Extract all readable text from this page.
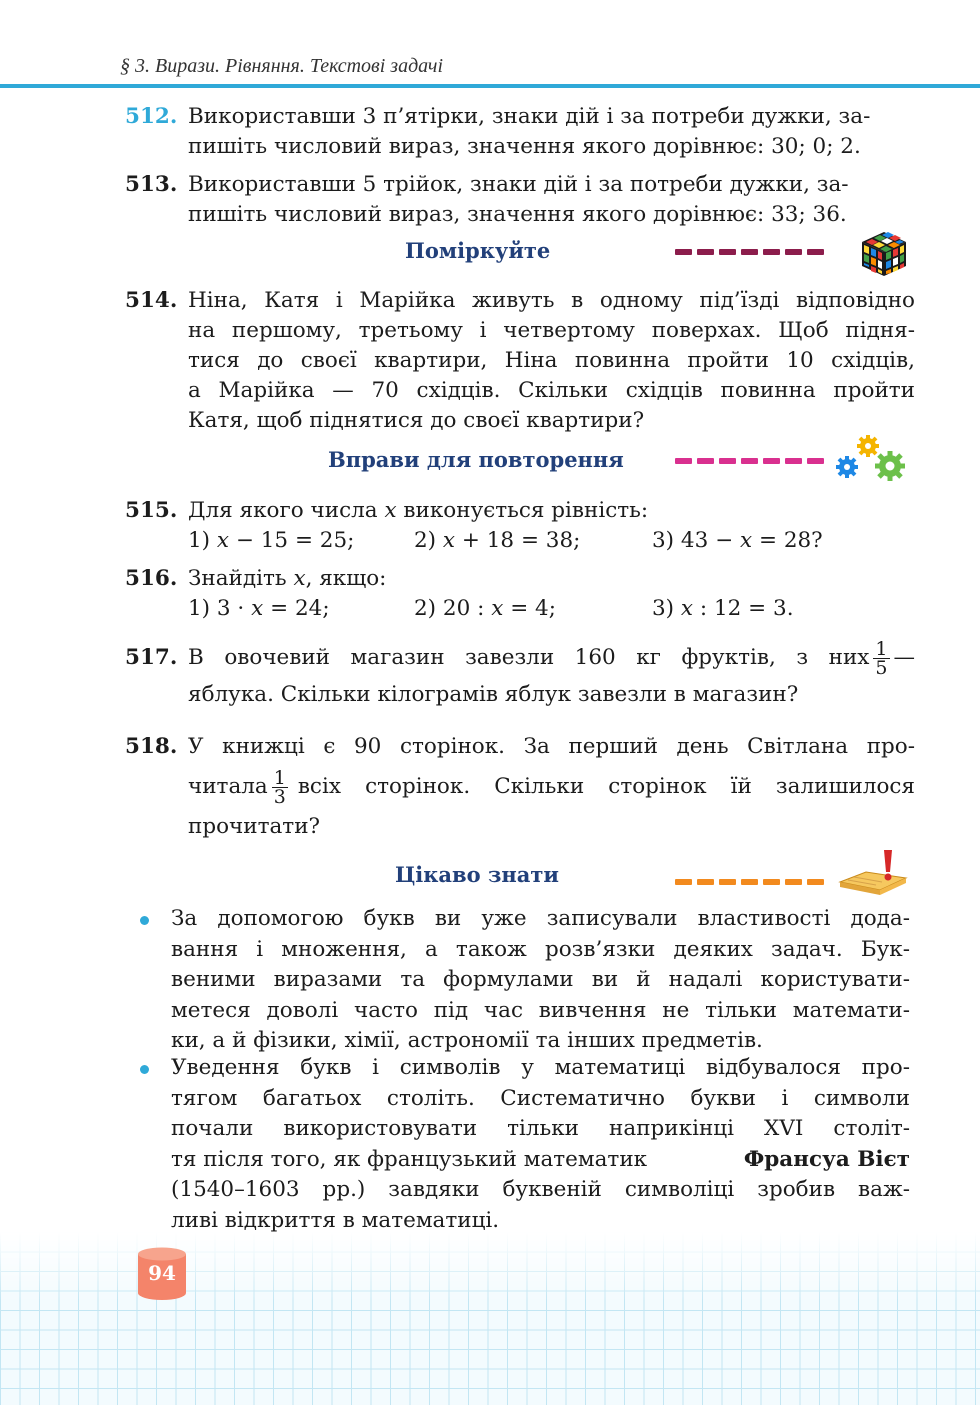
§ 3. Вирази. Рівняння. Текстові задачі
512. Використавши 3 п’ятірки, знаки дій і за потреби дужки, за-
пишіть числовий вираз, значення якого дорівнює: 30; 0; 2.
513. Використавши 5 трійок, знаки дій і за потреби дужки, за-
пишіть числовий вираз, значення якого дорівнює: 33; 36.
Поміркуйте
514. Ніна, Катя і Марійка живуть в одному під’їзді відповідно
на першому, третьому і четвертому поверхах. Щоб підня-
тися до своєї квартири, Ніна повинна пройти 10 східців,
а Марійка — 70 східців. Скільки східців повинна пройти
Катя, щоб піднятися до своєї квартири?
Вправи для повторення
515. Для якого числа x виконується рівність:
1) x − 15 = 25;	2) x + 18 = 38;	3) 43 − x = 28?
516. Знайдіть x, якщо:
1) 3 · x = 24;	2) 20 : x = 4;	3) x : 12 = 3.
517. В овочевий магазин завезли 160 кг фруктів, з них $\frac{1}{5}$ —
яблука. Скільки кілограмів яблук завезли в магазин?
518. У книжці є 90 сторінок. За перший день Світлана про-
читала $\frac{1}{3}$ всіх сторінок. Скільки сторінок їй залишилося
прочитати?
Цікаво знати
За допомогою букв ви уже записували властивості дода-
вання і множення, а також розв’язки деяких задач. Бук-
веними виразами та формулами ви й надалі користувати-
метеся доволі часто під час вивчення не тільки математи-
ки, а й фізики, хімії, астрономії та інших предметів.
Уведення букв і символів у математиці відбувалося про-
тягом багатьох століть. Систематично букви і символи
почали використовувати тільки наприкінці XVI століт-
тя після того, як французький математик	Франсуа Вієт
(1540–1603 рр.) завдяки буквеній символіці зробив важ-
ливі відкриття в математиці.
94
